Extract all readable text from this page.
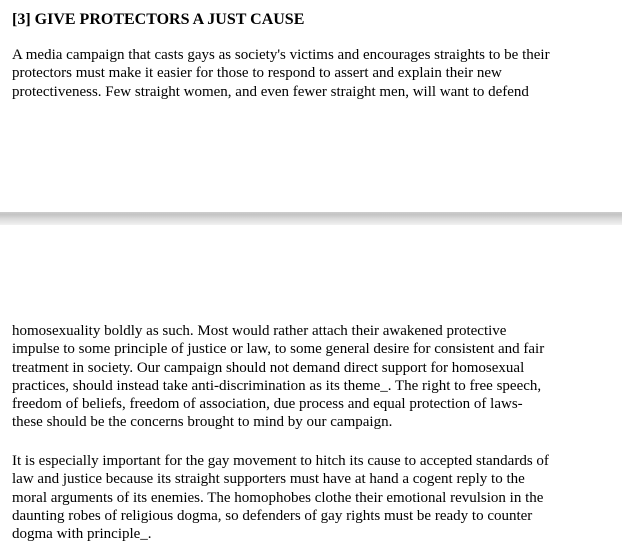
[3] GIVE PROTECTORS A JUST CAUSE

A media campaign that casts gays as society's victims and encourages straights to be their
protectors must make it easier for those to respond to assert and explain their new
protectiveness. Few straight women, and even fewer straight men, will want to defend

homosexuality boldly as such. Most would rather attach their awakened protective
impulse to some principle of justice or law, to some general desire for consistent and fair
treatment in society. Our campaign should not demand direct support for homosexual
practices, should instead take anti-discrimination as its theme_. The right to free speech,
freedom of beliefs, freedom of association, due process and equal protection of laws-
these should be the concerns brought to mind by our campaign.

It is especially important for the gay movement to hitch its cause to accepted standards of
law and justice because its straight supporters must have at hand a cogent reply to the
moral arguments of its enemies. The homophobes clothe their emotional revulsion in the
daunting robes of religious dogma, so defenders of gay rights must be ready to counter
dogma with principle_.
